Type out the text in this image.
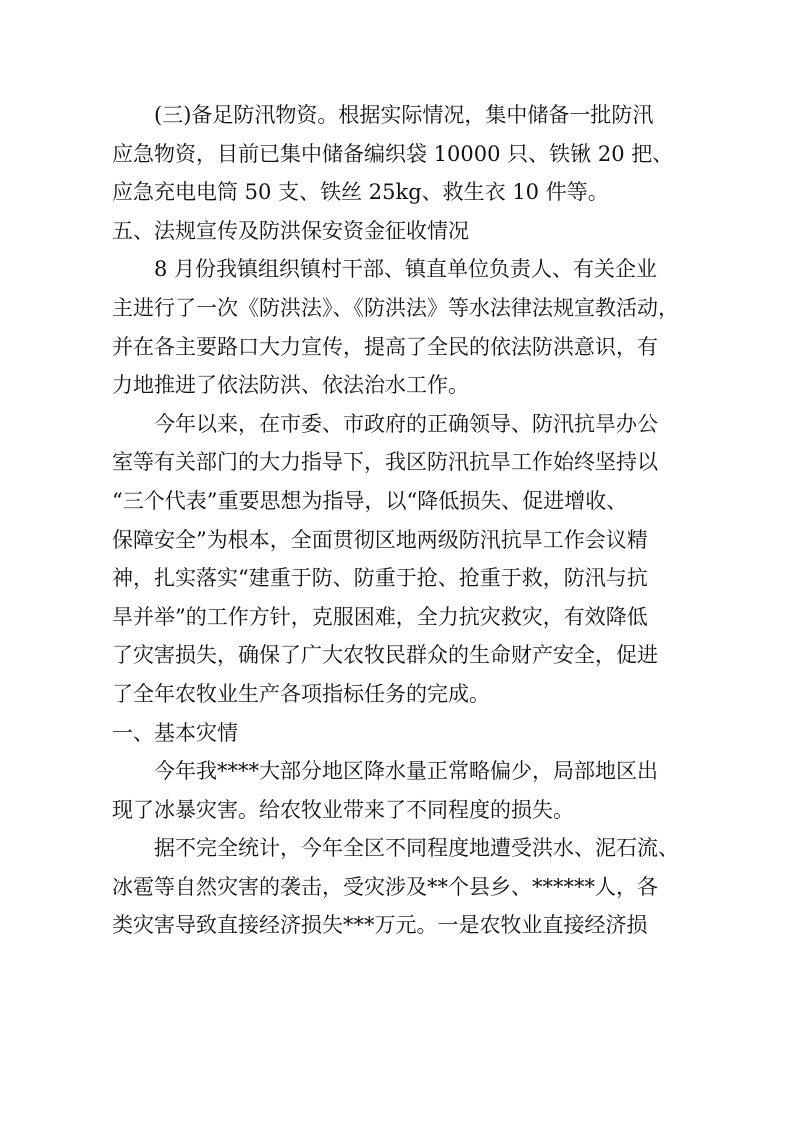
(三)备足防汛物资。根据实际情况，集中储备一批防汛
应急物资，目前已集中储备编织袋 10000 只、铁锹 20 把、
应急充电电筒 50 支、铁丝 25kg、救生衣 10 件等。
五、法规宣传及防洪保安资金征收情况
8 月份我镇组织镇村干部、镇直单位负责人、有关企业
主进行了一次《防洪法》、《防洪法》等水法律法规宣教活动，
并在各主要路口大力宣传，提高了全民的依法防洪意识，有
力地推进了依法防洪、依法治水工作。
今年以来，在市委、市政府的正确领导、防汛抗旱办公
室等有关部门的大力指导下，我区防汛抗旱工作始终坚持以
“三个代表”重要思想为指导，以“降低损失、促进增收、
保障安全”为根本，全面贯彻区地两级防汛抗旱工作会议精
神，扎实落实“建重于防、防重于抢、抢重于救，防汛与抗
旱并举”的工作方针，克服困难，全力抗灾救灾，有效降低
了灾害损失，确保了广大农牧民群众的生命财产安全，促进
了全年农牧业生产各项指标任务的完成。
一、基本灾情
今年我****大部分地区降水量正常略偏少，局部地区出
现了冰暴灾害。给农牧业带来了不同程度的损失。
据不完全统计，今年全区不同程度地遭受洪水、泥石流、
冰雹等自然灾害的袭击，受灾涉及**个县乡、******人，各
类灾害导致直接经济损失***万元。一是农牧业直接经济损
